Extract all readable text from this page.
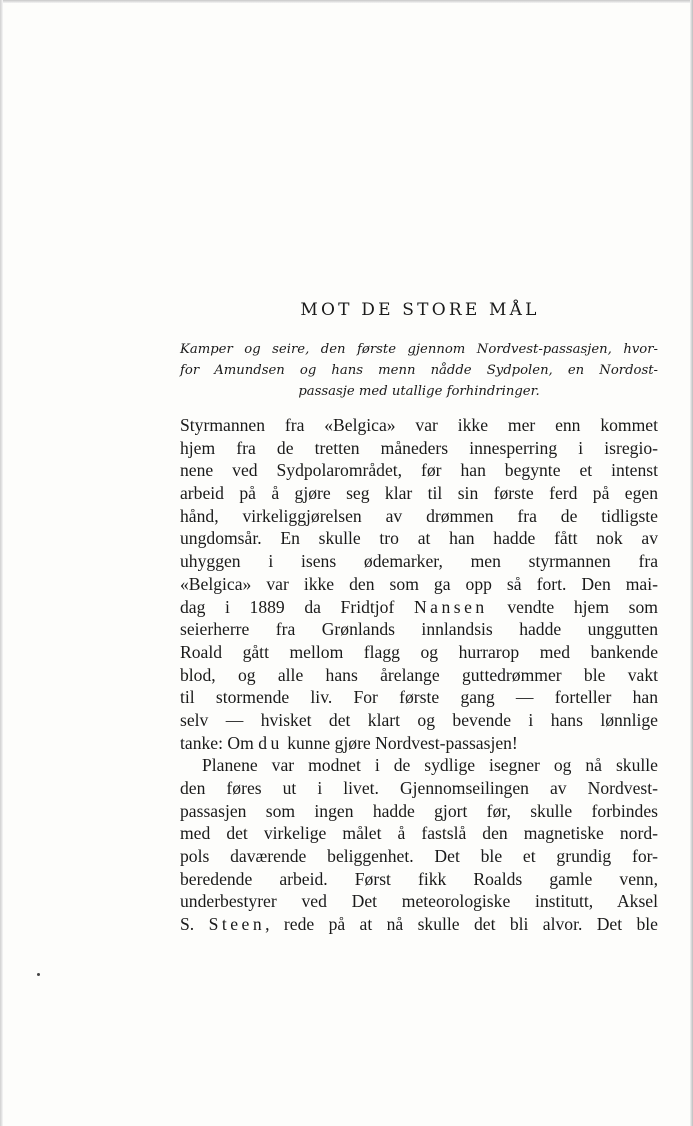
MOT DE STORE MÅL
Kamper og seire, den første gjennom Nordvest-passasjen, hvor-
for Amundsen og hans menn nådde Sydpolen, en Nordost-
passasje med utallige forhindringer.
Styrmannen fra «Belgica» var ikke mer enn kommet
hjem fra de tretten måneders innesperring i isregio-
nene ved Sydpolarområdet, før han begynte et intenst
arbeid på å gjøre seg klar til sin første ferd på egen
hånd, virkeliggjørelsen av drømmen fra de tidligste
ungdomsår. En skulle tro at han hadde fått nok av
uhyggen i isens ødemarker, men styrmannen fra
«Belgica» var ikke den som ga opp så fort. Den mai-
dag i 1889 da Fridtjof Nansen vendte hjem som
seierherre fra Grønlands innlandsis hadde unggutten
Roald gått mellom flagg og hurrarop med bankende
blod, og alle hans årelange guttedrømmer ble vakt
til stormende liv. For første gang — forteller han
selv — hvisket det klart og bevende i hans lønnlige
tanke: Om du kunne gjøre Nordvest-passasjen!
Planene var modnet i de sydlige isegner og nå skulle
den føres ut i livet. Gjennomseilingen av Nordvest-
passasjen som ingen hadde gjort før, skulle forbindes
med det virkelige målet å fastslå den magnetiske nord-
pols daværende beliggenhet. Det ble et grundig for-
beredende arbeid. Først fikk Roalds gamle venn,
underbestyrer ved Det meteorologiske institutt, Aksel
S. Steen, rede på at nå skulle det bli alvor. Det ble
